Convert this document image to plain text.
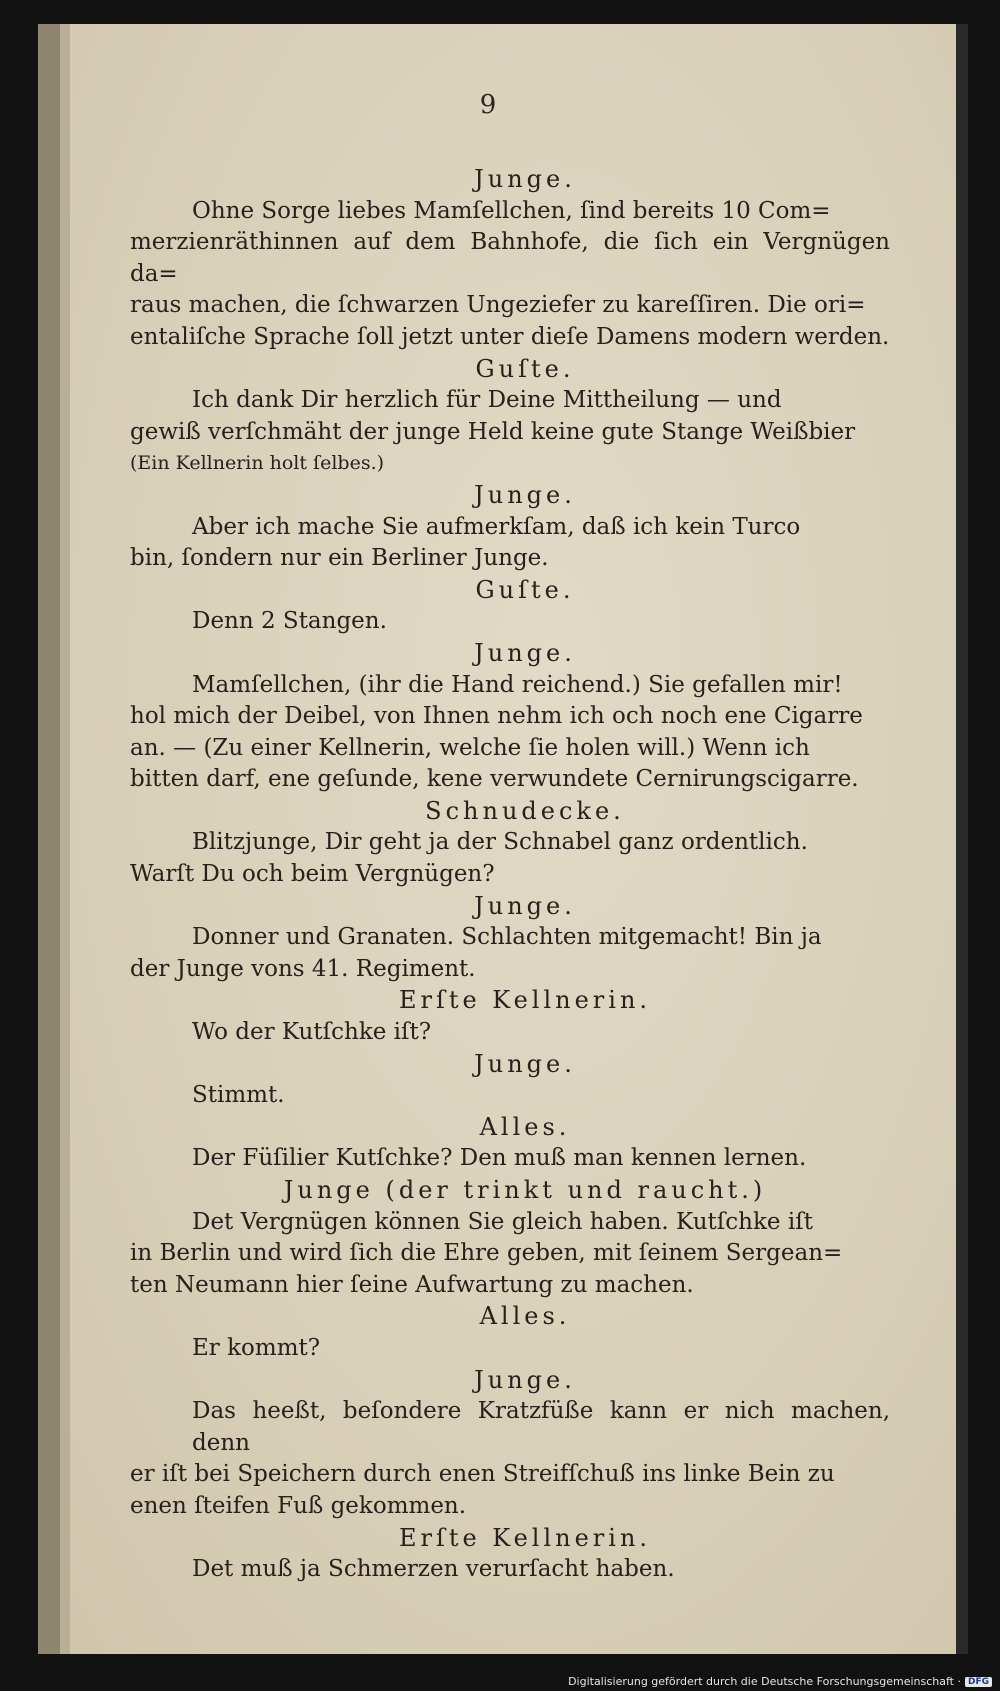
9
Junge.
Ohne Sorge liebes Mamſellchen, ſind bereits 10 Com=
merzienräthinnen auf dem Bahnhofe, die ſich ein Vergnügen da=
raus machen, die ſchwarzen Ungeziefer zu kareſſiren. Die ori=
entaliſche Sprache ſoll jetzt unter dieſe Damens modern werden.
Guſte.
Ich dank Dir herzlich für Deine Mittheilung — und
gewiß verſchmäht der junge Held keine gute Stange Weißbier
(Ein Kellnerin holt ſelbes.)
Junge.
Aber ich mache Sie aufmerkſam, daß ich kein Turco
bin, ſondern nur ein Berliner Junge.
Guſte.
Denn 2 Stangen.
Junge.
Mamſellchen, (ihr die Hand reichend.) Sie gefallen mir!
hol mich der Deibel, von Ihnen nehm ich och noch ene Cigarre
an. — (Zu einer Kellnerin, welche ſie holen will.) Wenn ich
bitten darf, ene geſunde, kene verwundete Cernirungscigarre.
Schnudecke.
Blitzjunge, Dir geht ja der Schnabel ganz ordentlich.
Warſt Du och beim Vergnügen?
Junge.
Donner und Granaten. Schlachten mitgemacht! Bin ja
der Junge vons 41. Regiment.
Erſte Kellnerin.
Wo der Kutſchke iſt?
Junge.
Stimmt.
Alles.
Der Füſilier Kutſchke? Den muß man kennen lernen.
Junge (der trinkt und raucht.)
Det Vergnügen können Sie gleich haben. Kutſchke iſt
in Berlin und wird ſich die Ehre geben, mit ſeinem Sergean=
ten Neumann hier ſeine Aufwartung zu machen.
Alles.
Er kommt?
Junge.
Das heeßt, beſondere Kratzfüße kann er nich machen, denn
er iſt bei Speichern durch enen Streifſchuß ins linke Bein zu
enen ſteifen Fuß gekommen.
Erſte Kellnerin.
Det muß ja Schmerzen verurſacht haben.
Digitalisierung gefördert durch die Deutsche Forschungsgemeinschaft · DFG
